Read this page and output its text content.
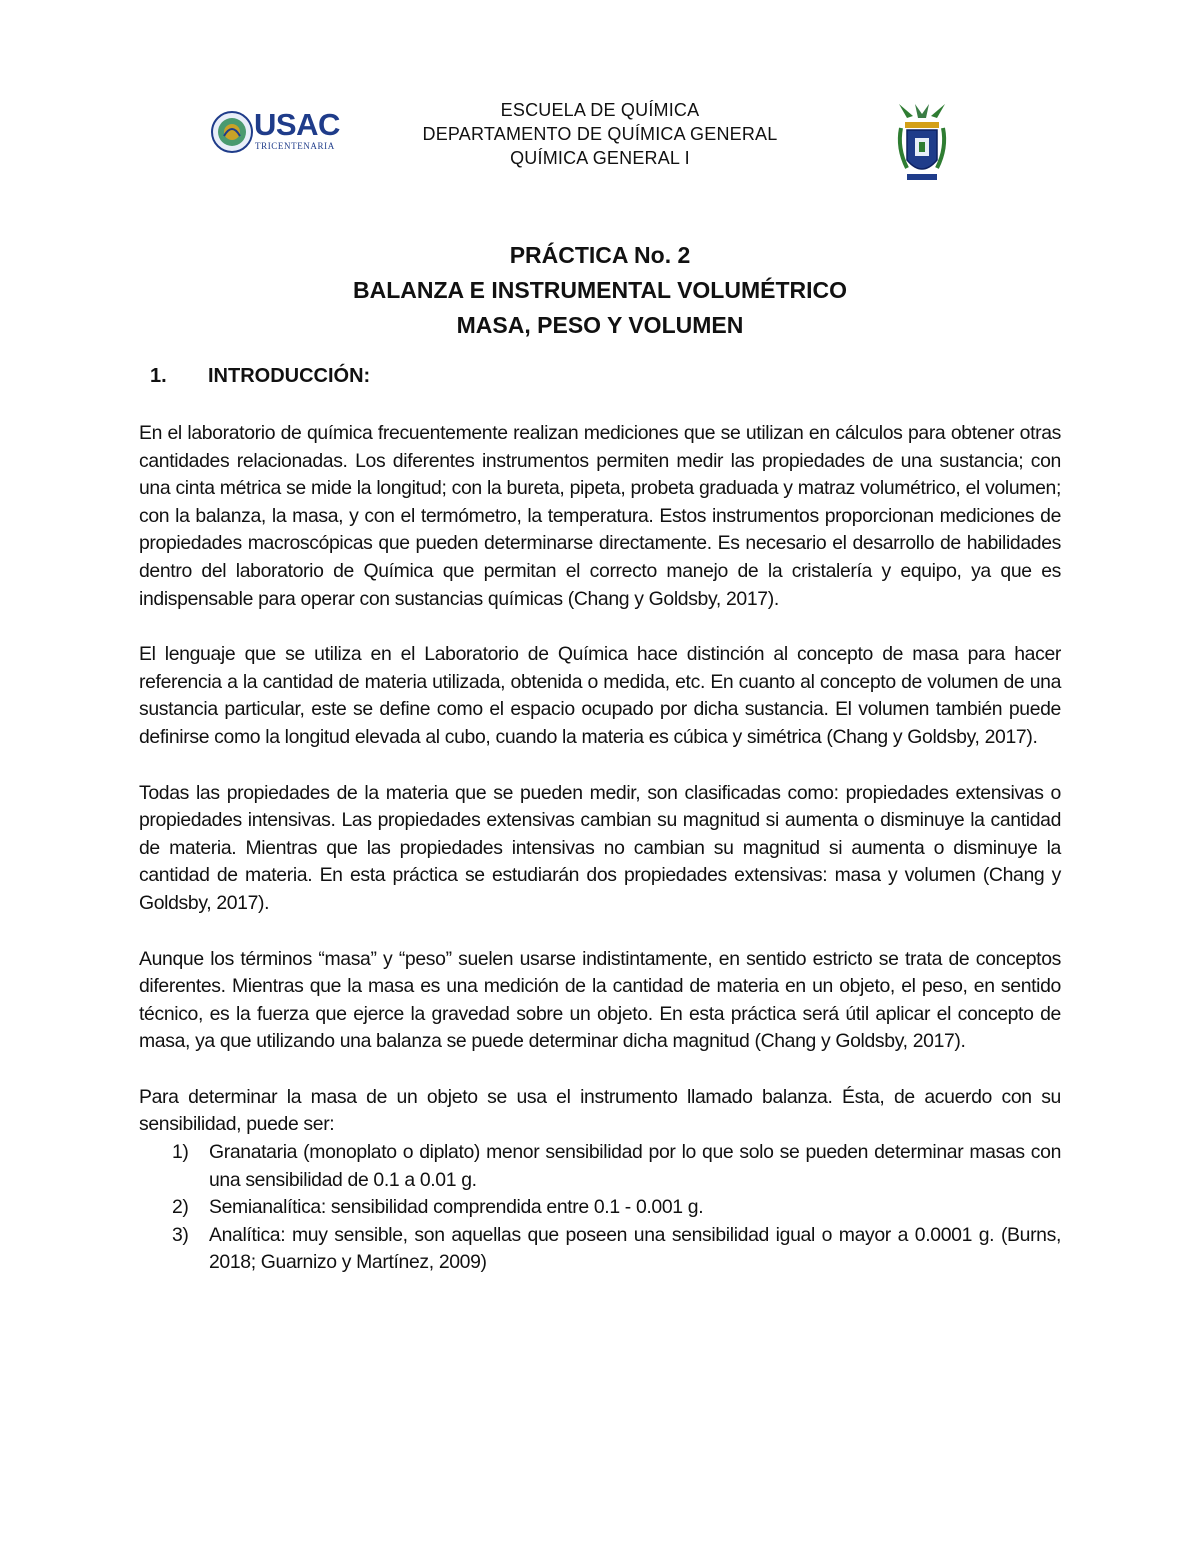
USAC
TRICENTENARIA
ESCUELA DE QUÍMICA
DEPARTAMENTO DE QUÍMICA GENERAL
QUÍMICA GENERAL I
PRÁCTICA No. 2
BALANZA E INSTRUMENTAL VOLUMÉTRICO
MASA, PESO Y VOLUMEN
1. INTRODUCCIÓN:

En el laboratorio de química frecuentemente realizan mediciones que se utilizan en cálculos para obtener otras cantidades relacionadas. Los diferentes instrumentos permiten medir las propiedades de una sustancia; con una cinta métrica se mide la longitud; con la bureta, pipeta, probeta graduada y matraz volumétrico, el volumen; con la balanza, la masa, y con el termómetro, la temperatura. Estos instrumentos proporcionan mediciones de propiedades macroscópicas que pueden determinarse directamente. Es necesario el desarrollo de habilidades dentro del laboratorio de Química que permitan el correcto manejo de la cristalería y equipo, ya que es indispensable para operar con sustancias químicas (Chang y Goldsby, 2017).

El lenguaje que se utiliza en el Laboratorio de Química hace distinción al concepto de masa para hacer referencia a la cantidad de materia utilizada, obtenida o medida, etc. En cuanto al concepto de volumen de una sustancia particular, este se define como el espacio ocupado por dicha sustancia. El volumen también puede definirse como la longitud elevada al cubo, cuando la materia es cúbica y simétrica (Chang y Goldsby, 2017).

Todas las propiedades de la materia que se pueden medir, son clasificadas como: propiedades extensivas o propiedades intensivas. Las propiedades extensivas cambian su magnitud si aumenta o disminuye la cantidad de materia. Mientras que las propiedades intensivas no cambian su magnitud si aumenta o disminuye la cantidad de materia. En esta práctica se estudiarán dos propiedades extensivas: masa y volumen (Chang y Goldsby, 2017).

Aunque los términos “masa” y “peso” suelen usarse indistintamente, en sentido estricto se trata de conceptos diferentes. Mientras que la masa es una medición de la cantidad de materia en un objeto, el peso, en sentido técnico, es la fuerza que ejerce la gravedad sobre un objeto. En esta práctica será útil aplicar el concepto de masa, ya que utilizando una balanza se puede determinar dicha magnitud (Chang y Goldsby, 2017).

Para determinar la masa de un objeto se usa el instrumento llamado balanza. Ésta, de acuerdo con su sensibilidad, puede ser:

1) Granataria (monoplato o diplato) menor sensibilidad por lo que solo se pueden determinar masas con una sensibilidad de 0.1 a 0.01 g.
2) Semianalítica: sensibilidad comprendida entre 0.1 - 0.001 g.
3) Analítica: muy sensible, son aquellas que poseen una sensibilidad igual o mayor a 0.0001 g. (Burns, 2018; Guarnizo y Martínez, 2009)
